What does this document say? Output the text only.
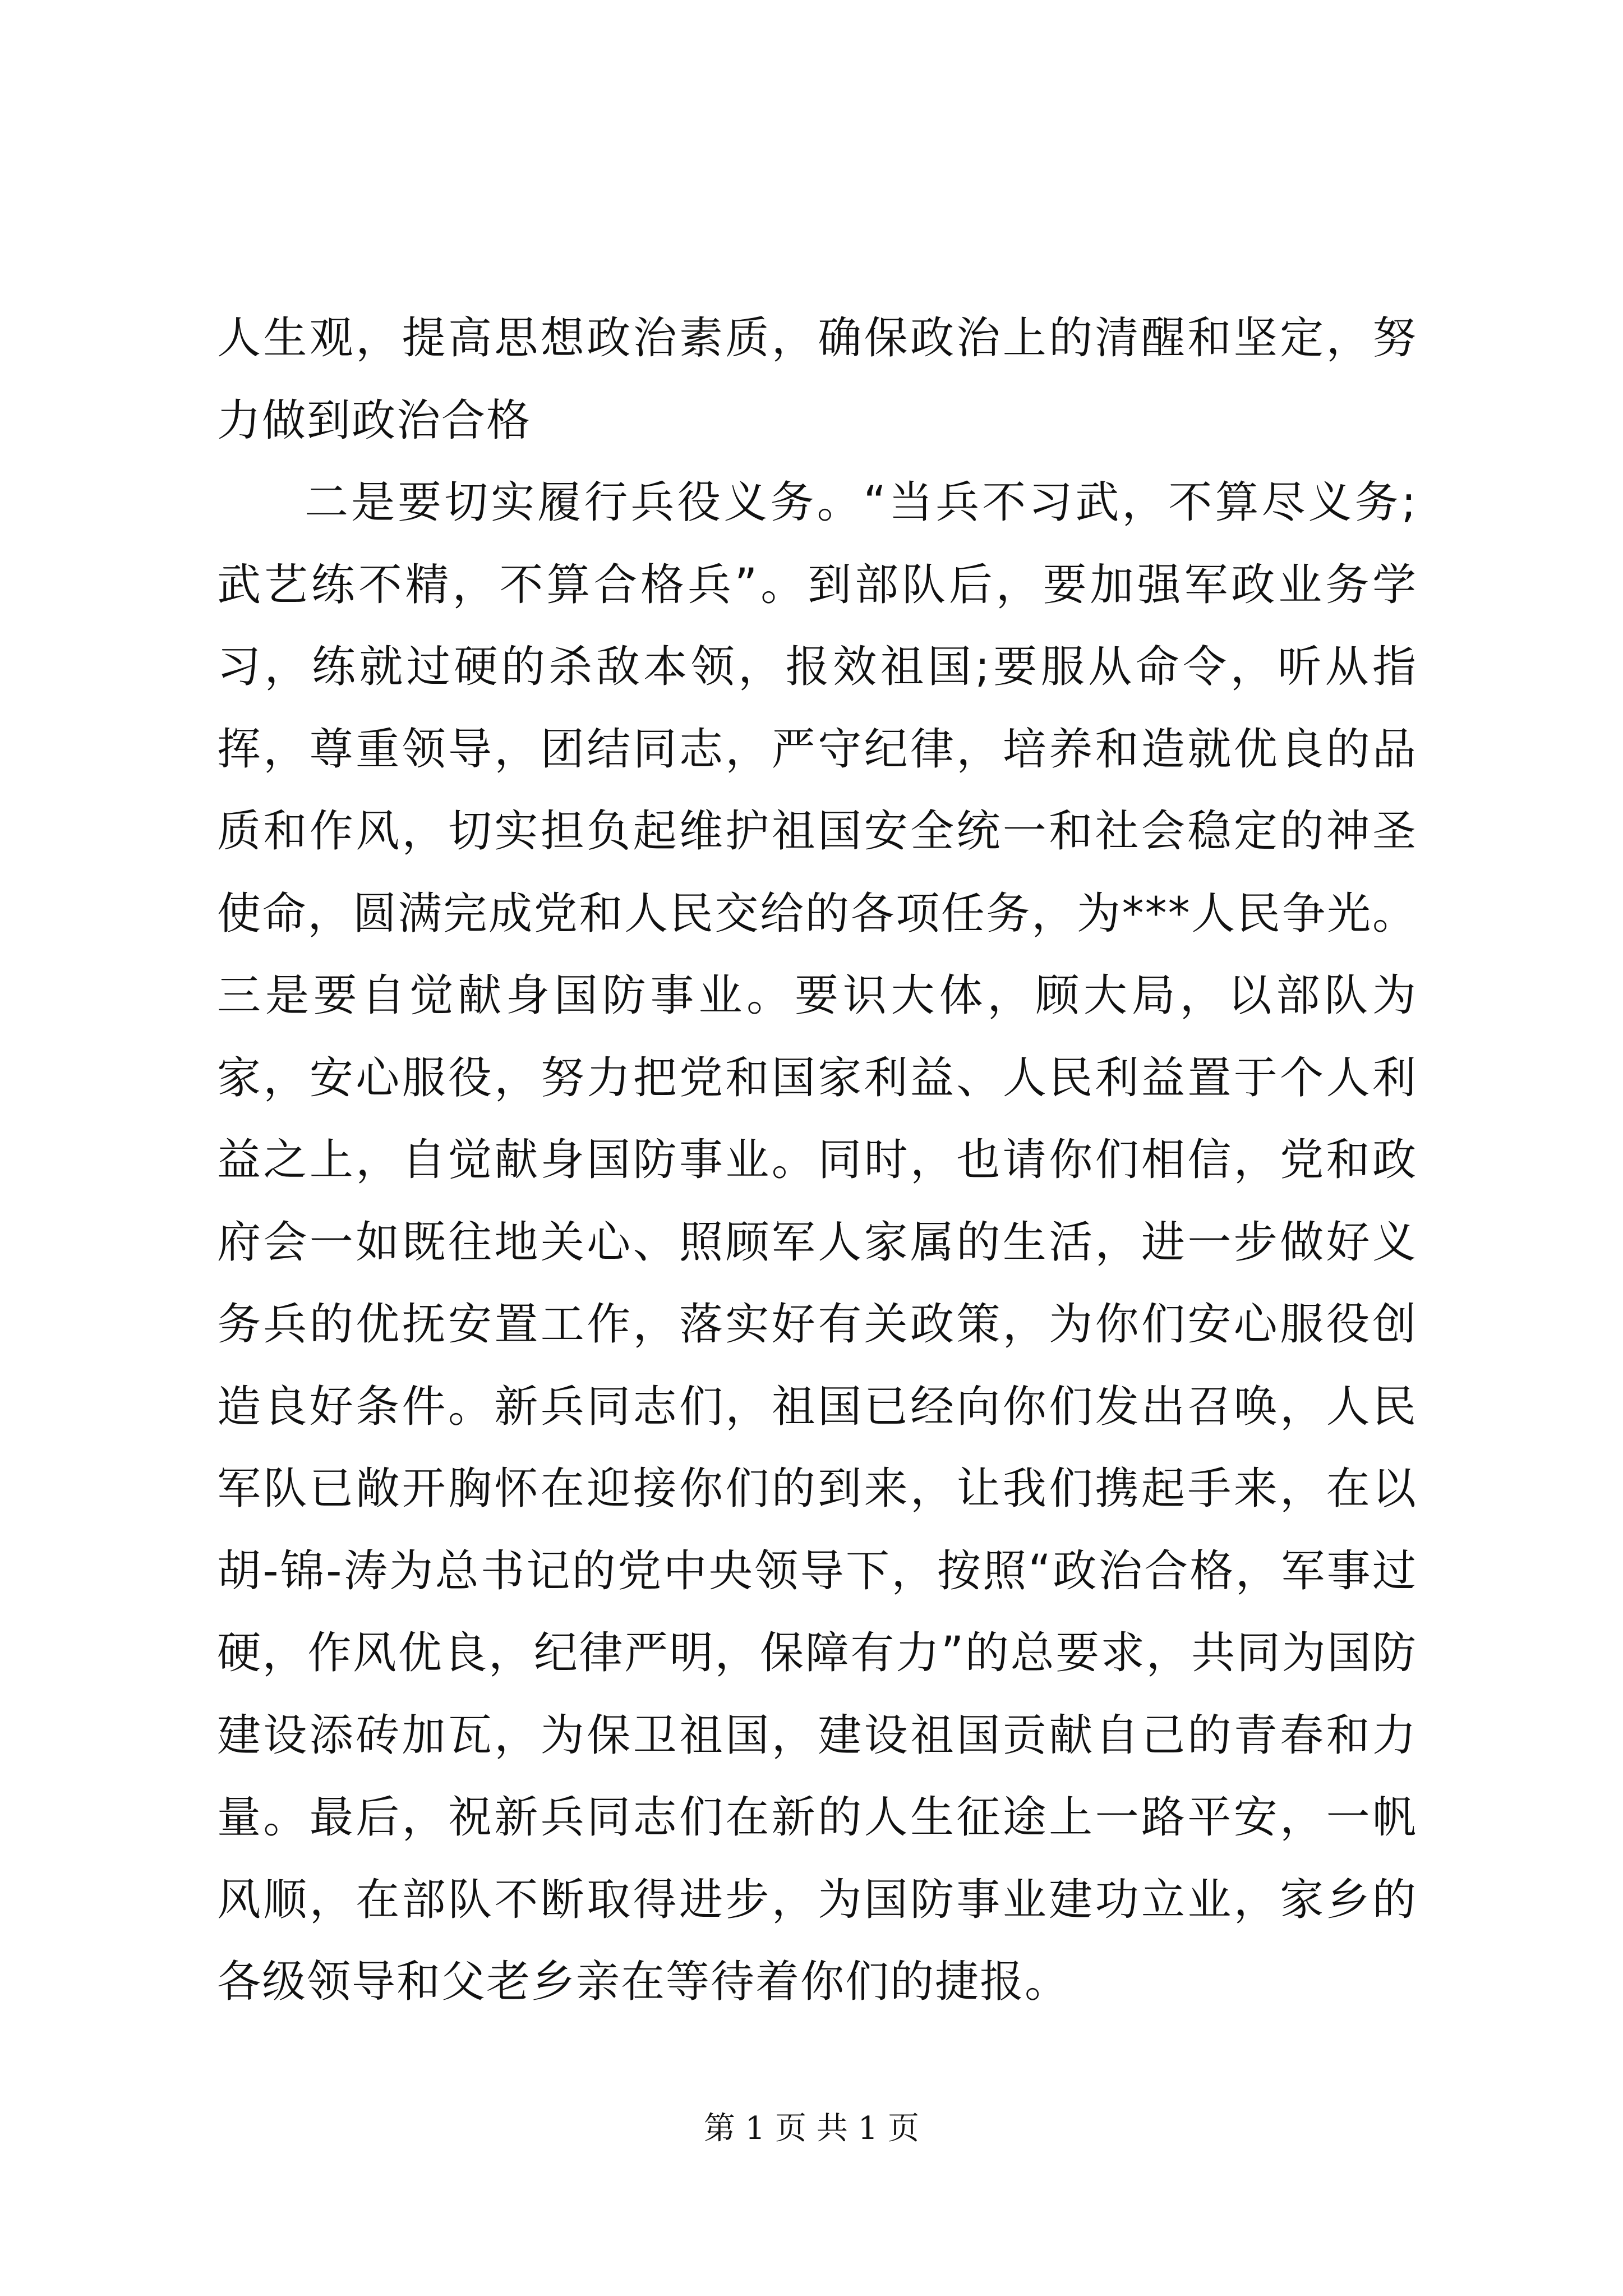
人生观，提高思想政治素质，确保政治上的清醒和坚定，努力做到政治合格

二是要切实履行兵役义务。“当兵不习武，不算尽义务;武艺练不精，不算合格兵”。到部队后，要加强军政业务学习，练就过硬的杀敌本领，报效祖国;要服从命令，听从指挥，尊重领导，团结同志，严守纪律，培养和造就优良的品质和作风，切实担负起维护祖国安全统一和社会稳定的神圣使命，圆满完成党和人民交给的各项任务，为***人民争光。三是要自觉献身国防事业。要识大体，顾大局，以部队为家，安心服役，努力把党和国家利益、人民利益置于个人利益之上，自觉献身国防事业。同时，也请你们相信，党和政府会一如既往地关心、照顾军人家属的生活，进一步做好义务兵的优抚安置工作，落实好有关政策，为你们安心服役创造良好条件。新兵同志们，祖国已经向你们发出召唤，人民军队已敞开胸怀在迎接你们的到来，让我们携起手来，在以胡-锦-涛为总书记的党中央领导下，按照“政治合格，军事过硬，作风优良，纪律严明，保障有力”的总要求，共同为国防建设添砖加瓦，为保卫祖国，建设祖国贡献自己的青春和力量。最后，祝新兵同志们在新的人生征途上一路平安，一帆风顺，在部队不断取得进步，为国防事业建功立业，家乡的各级领导和父老乡亲在等待着你们的捷报。

第 1 页 共 1 页
